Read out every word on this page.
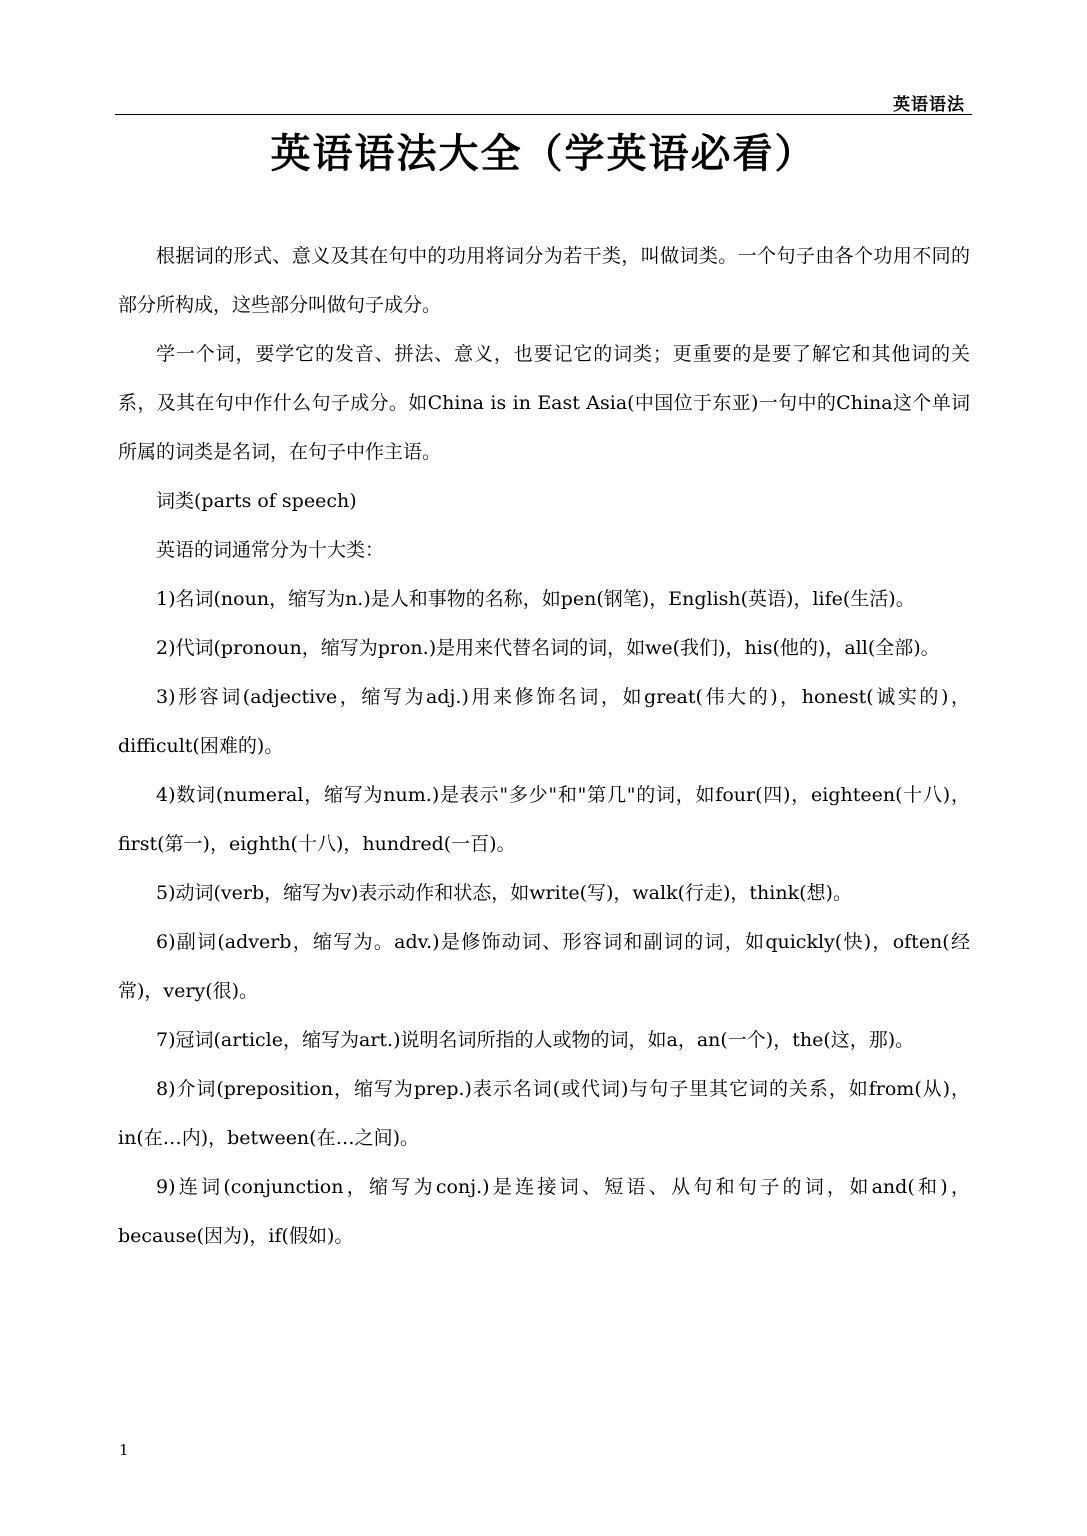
英语语法
英语语法大全（学英语必看）

根据词的形式、意义及其在句中的功用将词分为若干类，叫做词类。一个句子由各个功用不同的部分所构成，这些部分叫做句子成分。

学一个词，要学它的发音、拼法、意义，也要记它的词类；更重要的是要了解它和其他词的关系，及其在句中作什么句子成分。如China is in East Asia(中国位于东亚)一句中的China这个单词所属的词类是名词，在句子中作主语。

词类(parts of speech)

英语的词通常分为十大类：

1)名词(noun，缩写为n.)是人和事物的名称，如pen(钢笔)，English(英语)，life(生活)。

2)代词(pronoun，缩写为pron.)是用来代替名词的词，如we(我们)，his(他的)，all(全部)。

3)形容词(adjective，缩写为adj.)用来修饰名词，如great(伟大的)，honest(诚实的)，difficult(困难的)。

4)数词(numeral，缩写为num.)是表示"多少"和"第几"的词，如four(四)，eighteen(十八)，first(第一)，eighth(十八)，hundred(一百)。

5)动词(verb，缩写为v)表示动作和状态，如write(写)，walk(行走)，think(想)。

6)副词(adverb，缩写为。adv.)是修饰动词、形容词和副词的词，如quickly(快)，often(经常)，very(很)。

7)冠词(article，缩写为art.)说明名词所指的人或物的词，如a，an(一个)，the(这，那)。

8)介词(preposition，缩写为prep.)表示名词(或代词)与句子里其它词的关系，如from(从)，in(在…内)，between(在…之间)。

9)连词(conjunction，缩写为conj.)是连接词、短语、从句和句子的词，如and(和)，because(因为)，if(假如)。

1
